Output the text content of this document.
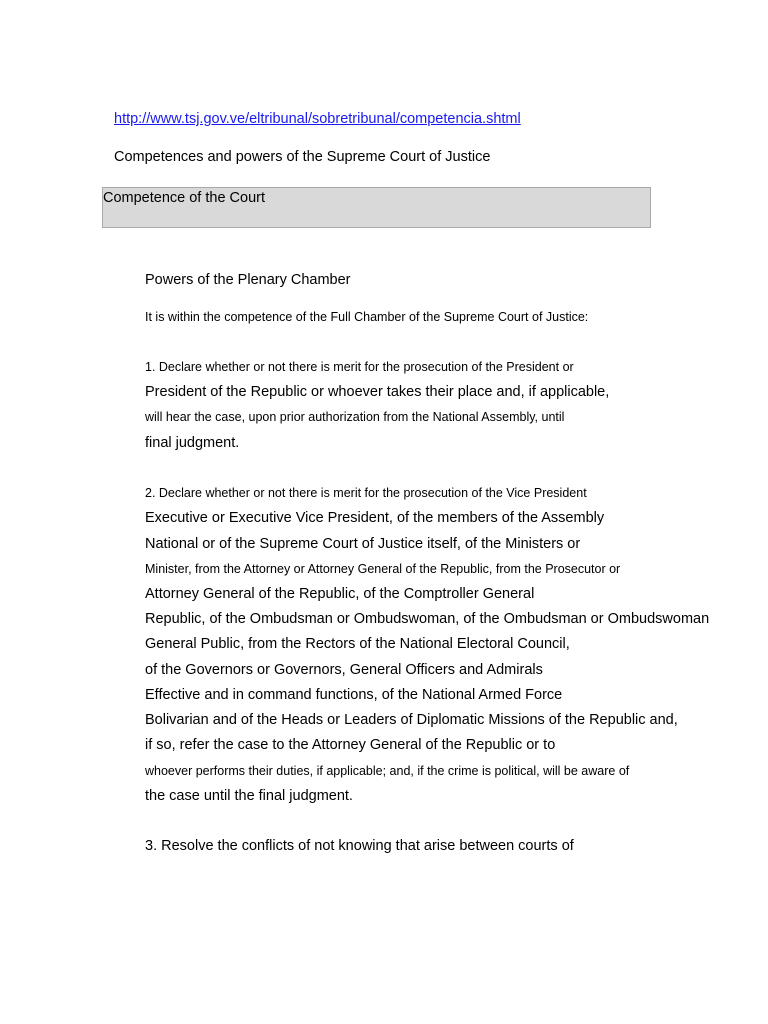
http://www.tsj.gov.ve/eltribunal/sobretribunal/competencia.shtml
Competences and powers of the Supreme Court of Justice
Competence of the Court
Powers of the Plenary Chamber
It is within the competence of the Full Chamber of the Supreme Court of Justice:
1. Declare whether or not there is merit for the prosecution of the President or
President of the Republic or whoever takes their place and, if applicable,
will hear the case, upon prior authorization from the National Assembly, until
final judgment.
2. Declare whether or not there is merit for the prosecution of the Vice President
Executive or Executive Vice President, of the members of the Assembly
National or of the Supreme Court of Justice itself, of the Ministers or
Minister, from the Attorney or Attorney General of the Republic, from the Prosecutor or
Attorney General of the Republic, of the Comptroller General
Republic, of the Ombudsman or Ombudswoman, of the Ombudsman or Ombudswoman
General Public, from the Rectors of the National Electoral Council,
of the Governors or Governors, General Officers and Admirals
Effective and in command functions, of the National Armed Force
Bolivarian and of the Heads or Leaders of Diplomatic Missions of the Republic and,
if so, refer the case to the Attorney General of the Republic or to
whoever performs their duties, if applicable; and, if the crime is political, will be aware of
the case until the final judgment.
3. Resolve the conflicts of not knowing that arise between courts of
